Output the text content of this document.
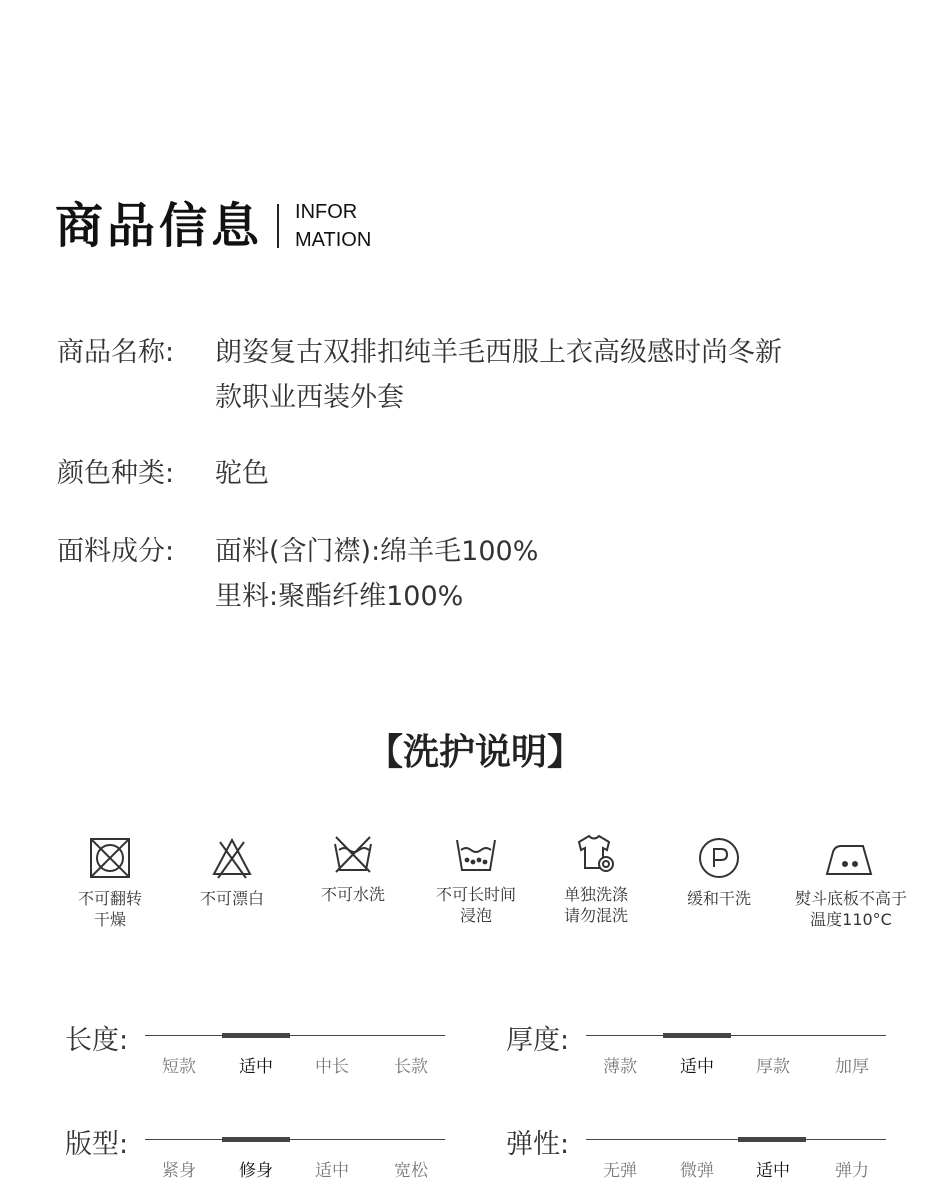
商品信息 INFOR
MATION
商品名称:	朗姿复古双排扣纯羊毛西服上衣高级感时尚冬新
款职业西装外套
颜色种类:	驼色
面料成分:	面料(含门襟):绵羊毛100%
里料:聚酯纤维100%
【洗护说明】
不可翻转
干燥
不可漂白	不可水洗	不可长时间
浸泡
单独洗涤
请勿混洗
缓和干洗	熨斗底板不高于
温度110°C
长度:
短款	适中	中长	长款
厚度:
薄款	适中	厚款	加厚
版型:
紧身	修身	适中	宽松
弹性:
无弹	微弹	适中	弹力
